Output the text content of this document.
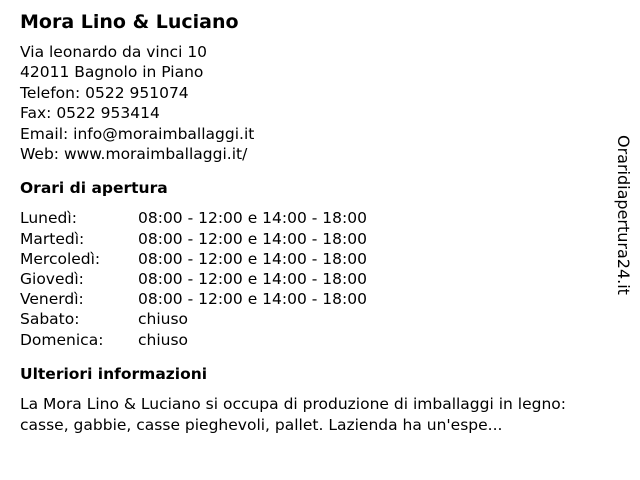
Mora Lino & Luciano
Via leonardo da vinci 10
42011 Bagnolo in Piano
Telefon: 0522 951074
Fax: 0522 953414
Email: info@moraimballaggi.it
Web: www.moraimballaggi.it/
Orari di apertura
Lunedì:	08:00 - 12:00 e 14:00 - 18:00
Martedì:	08:00 - 12:00 e 14:00 - 18:00
Mercoledì:	08:00 - 12:00 e 14:00 - 18:00
Giovedì:	08:00 - 12:00 e 14:00 - 18:00
Venerdì:	08:00 - 12:00 e 14:00 - 18:00
Sabato:	chiuso
Domenica:	chiuso
Ulteriori informazioni
La Mora Lino & Luciano si occupa di produzione di imballaggi in legno: casse, gabbie, casse pieghevoli, pallet. Lazienda ha un'espe...
Oraridiapertura24.it
